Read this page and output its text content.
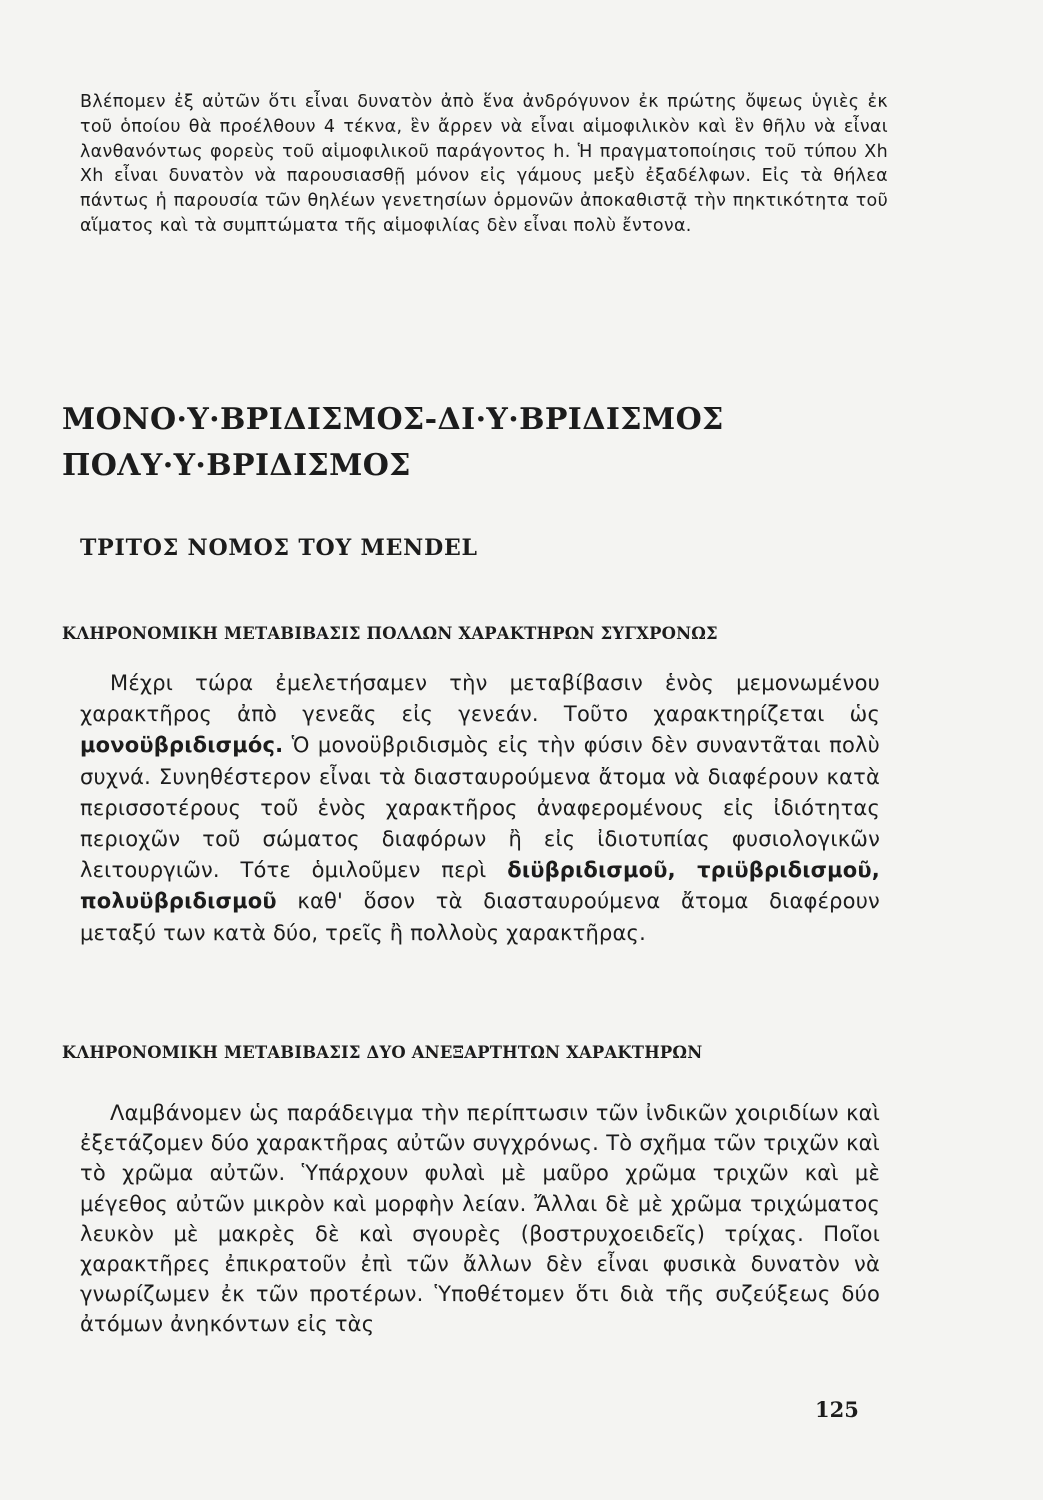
Βλέπομεν ἐξ αὐτῶν ὅτι εἶναι δυνατὸν ἀπὸ ἕνα ἀνδρόγυνον ἐκ πρώτης ὄψεως ὑγιὲς ἐκ τοῦ ὁποίου θὰ προέλθουν 4 τέκνα, ἓν ἄρρεν νὰ εἶναι αἱμοφιλικὸν καὶ ἓν θῆλυ νὰ εἶναι λανθανόντως φορεὺς τοῦ αἱμοφιλικοῦ παράγοντος h. Ἡ πραγματοποίησις τοῦ τύπου Xh Xh εἶναι δυνατὸν νὰ παρουσιασθῇ μόνον εἰς γάμους μεξὺ ἐξαδέλφων. Εἰς τὰ θήλεα πάντως ἡ παρουσία τῶν θηλέων γενετησίων ὁρμονῶν ἀποκαθιστᾷ τὴν πηκτικότητα τοῦ αἵματος καὶ τὰ συμπτώματα τῆς αἱμοφιλίας δὲν εἶναι πολὺ ἔντονα.

ΜΟΝΟ·Υ·ΒΡΙΔΙΣΜΟΣ-ΔΙ·Υ·ΒΡΙΔΙΣΜΟΣ
ΠΟΛΥ·Υ·ΒΡΙΔΙΣΜΟΣ
ΤΡΙΤΟΣ ΝΟΜΟΣ ΤΟΥ MENDEL
ΚΛΗΡΟΝΟΜΙΚΗ ΜΕΤΑΒΙΒΑΣΙΣ ΠΟΛΛΩΝ ΧΑΡΑΚΤΗΡΩΝ ΣΥΓΧΡΟΝΩΣ

Μέχρι τώρα ἐμελετήσαμεν τὴν μεταβίβασιν ἑνὸς μεμονωμένου χαρακτῆρος ἀπὸ γενεᾶς εἰς γενεάν. Τοῦτο χαρακτηρίζεται ὡς μονοϋβριδισμός. Ὁ μονοϋβριδισμὸς εἰς τὴν φύσιν δὲν συναντᾶται πολὺ συχνά. Συνηθέστερον εἶναι τὰ διασταυρούμενα ἄτομα νὰ διαφέρουν κατὰ περισσοτέρους τοῦ ἑνὸς χαρακτῆρος ἀναφερομένους εἰς ἰδιότητας περιοχῶν τοῦ σώματος διαφόρων ἢ εἰς ἰδιοτυπίας φυσιολογικῶν λειτουργιῶν. Τότε ὁμιλοῦμεν περὶ διϋβριδισμοῦ, τριϋβριδισμοῦ, πολυϋβριδισμοῦ καθ' ὅσον τὰ διασταυρούμενα ἄτομα διαφέρουν μεταξύ των κατὰ δύο, τρεῖς ἢ πολλοὺς χαρακτῆρας.

ΚΛΗΡΟΝΟΜΙΚΗ ΜΕΤΑΒΙΒΑΣΙΣ ΔΥΟ ΑΝΕΞΑΡΤΗΤΩΝ ΧΑΡΑΚΤΗΡΩΝ

Λαμβάνομεν ὡς παράδειγμα τὴν περίπτωσιν τῶν ἰνδικῶν χοιριδίων καὶ ἐξετάζομεν δύο χαρακτῆρας αὐτῶν συγχρόνως. Τὸ σχῆμα τῶν τριχῶν καὶ τὸ χρῶμα αὐτῶν. Ὑπάρχουν φυλαὶ μὲ μαῦρο χρῶμα τριχῶν καὶ μὲ μέγεθος αὐτῶν μικρὸν καὶ μορφὴν λείαν. Ἄλλαι δὲ μὲ χρῶμα τριχώματος λευκὸν μὲ μακρὲς δὲ καὶ σγουρὲς (βοστρυχοειδεῖς) τρίχας. Ποῖοι χαρακτῆρες ἐπικρατοῦν ἐπὶ τῶν ἄλλων δὲν εἶναι φυσικὰ δυνατὸν νὰ γνωρίζωμεν ἐκ τῶν προτέρων. Ὑποθέτομεν ὅτι διὰ τῆς συζεύξεως δύο ἀτόμων ἀνηκόντων εἰς τὰς

125
